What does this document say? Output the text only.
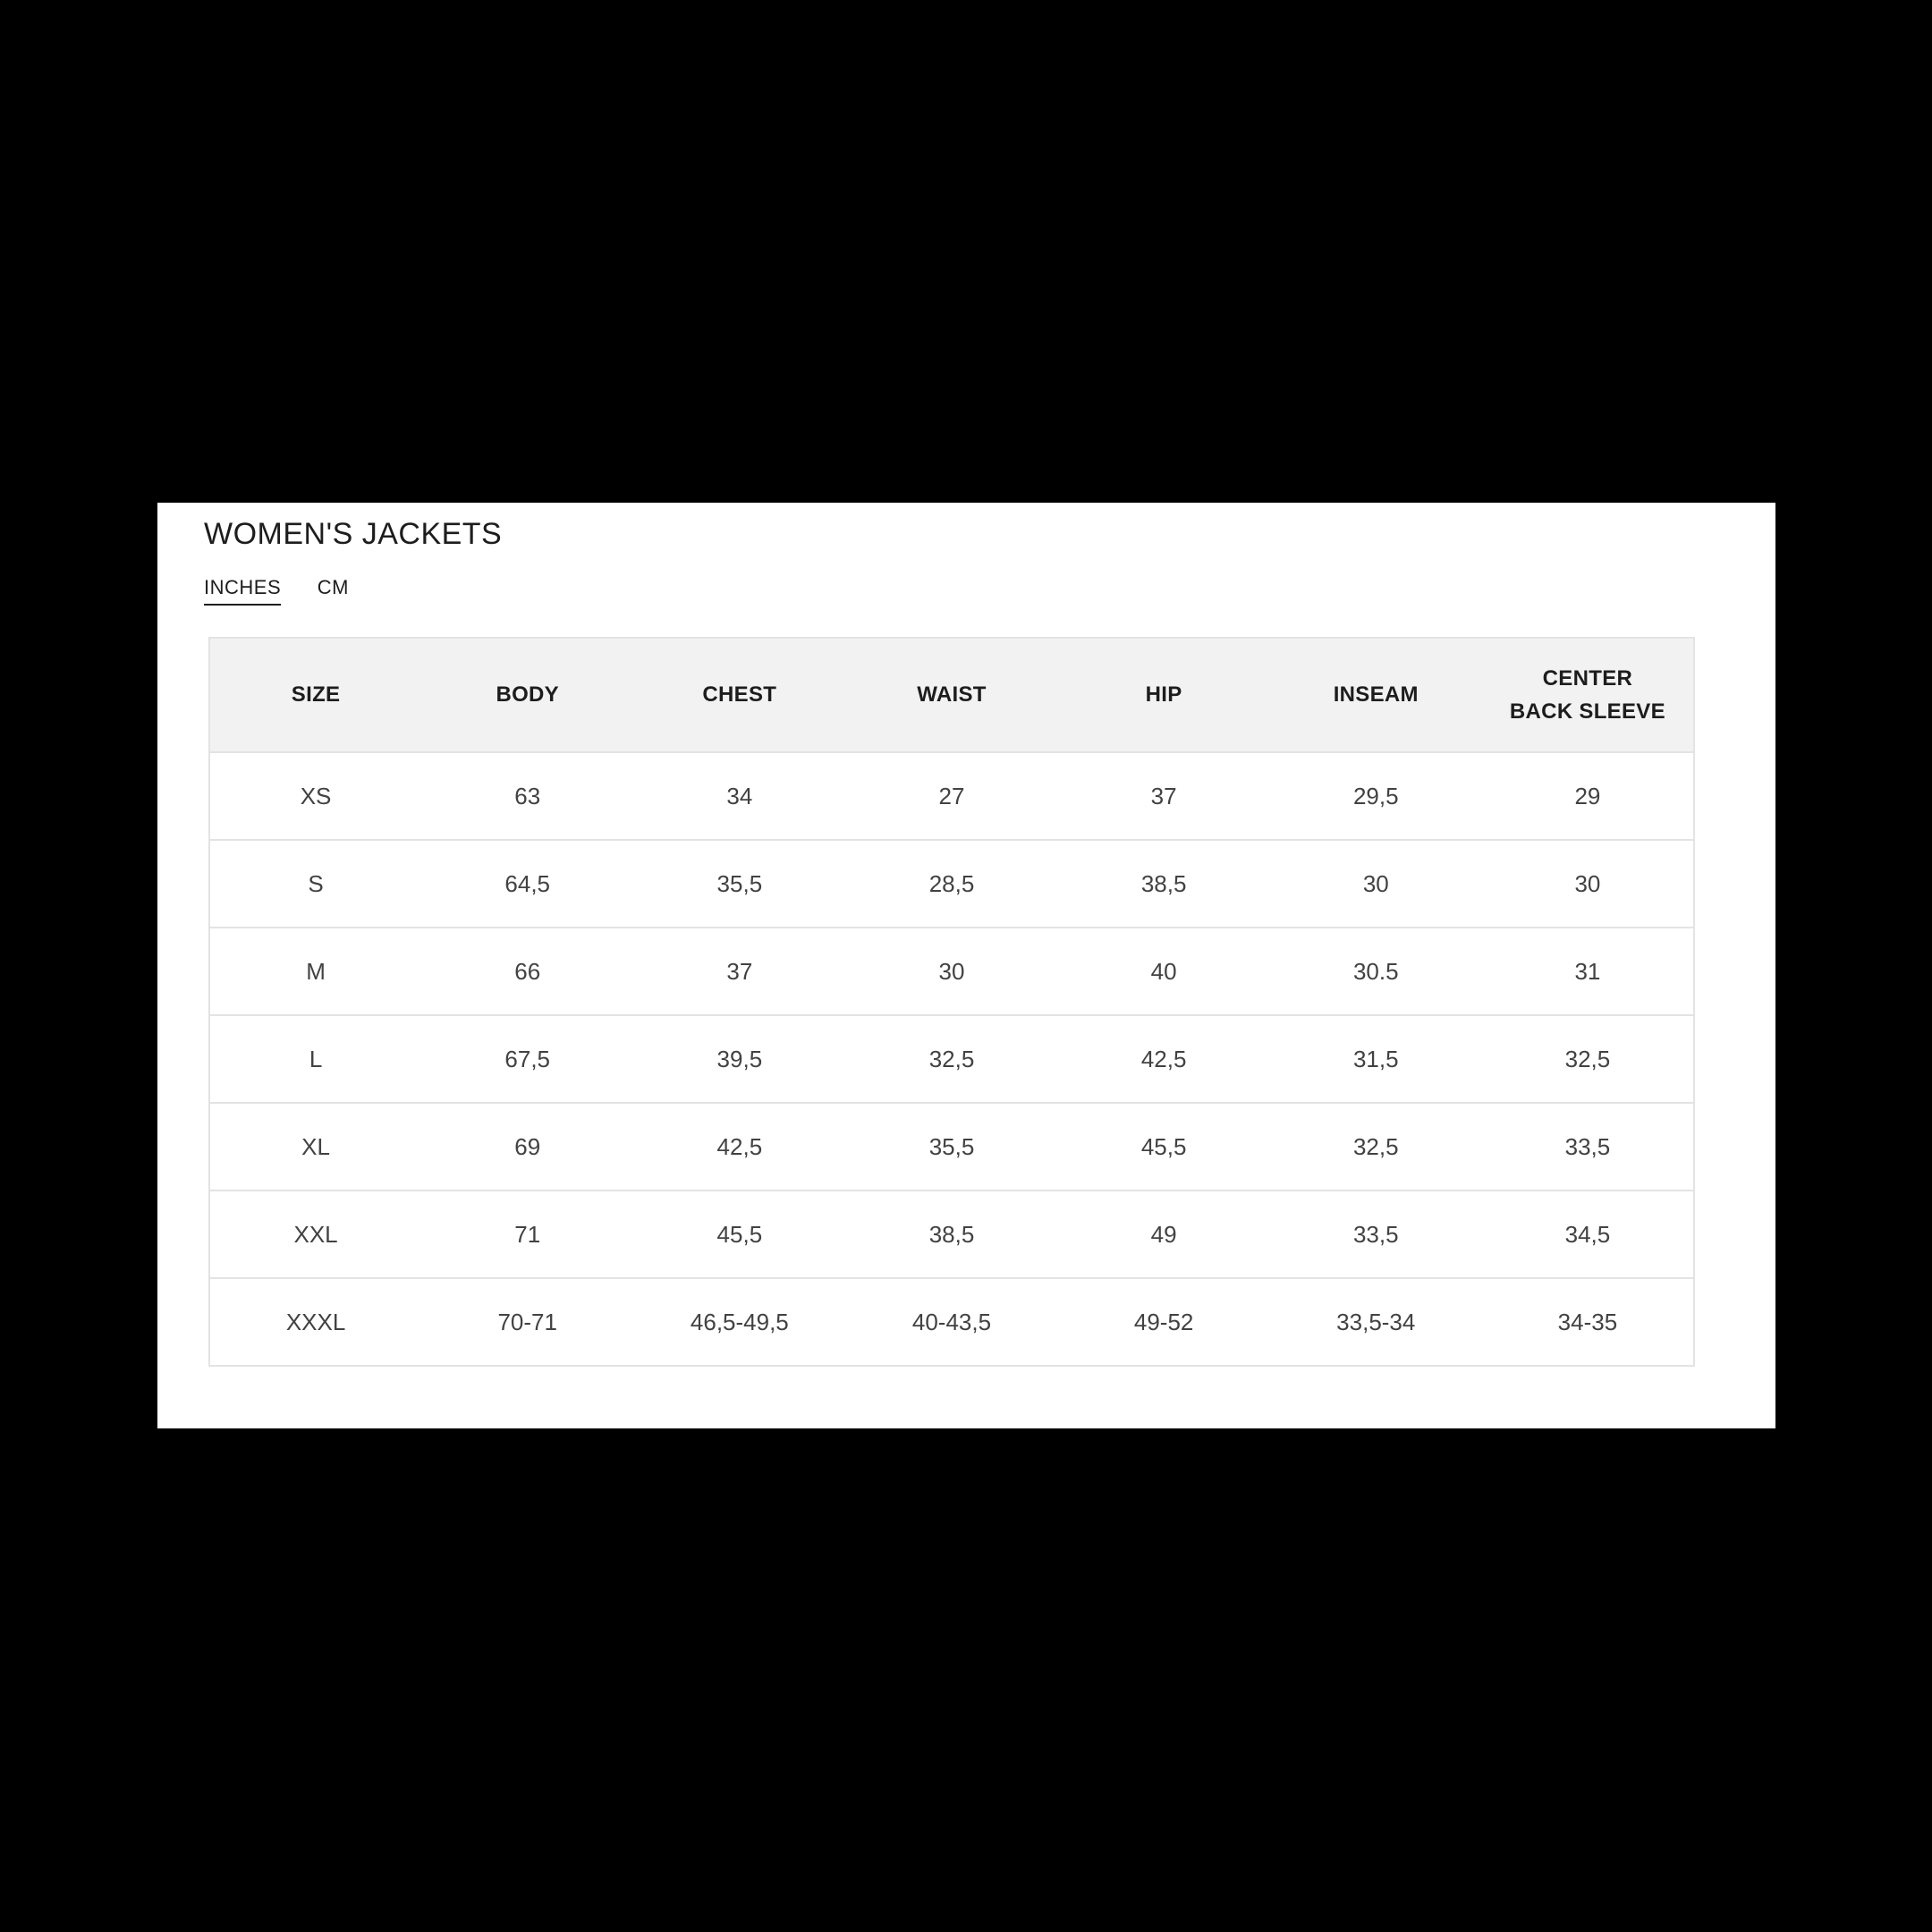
WOMEN'S JACKETS
INCHES CM
SIZE	BODY	CHEST	WAIST	HIP	INSEAM	CENTER BACK SLEEVE
XS	63	34	27	37	29,5	29
S	64,5	35,5	28,5	38,5	30	30
M	66	37	30	40	30.5	31
L	67,5	39,5	32,5	42,5	31,5	32,5
XL	69	42,5	35,5	45,5	32,5	33,5
XXL	71	45,5	38,5	49	33,5	34,5
XXXL	70-71	46,5-49,5	40-43,5	49-52	33,5-34	34-35
